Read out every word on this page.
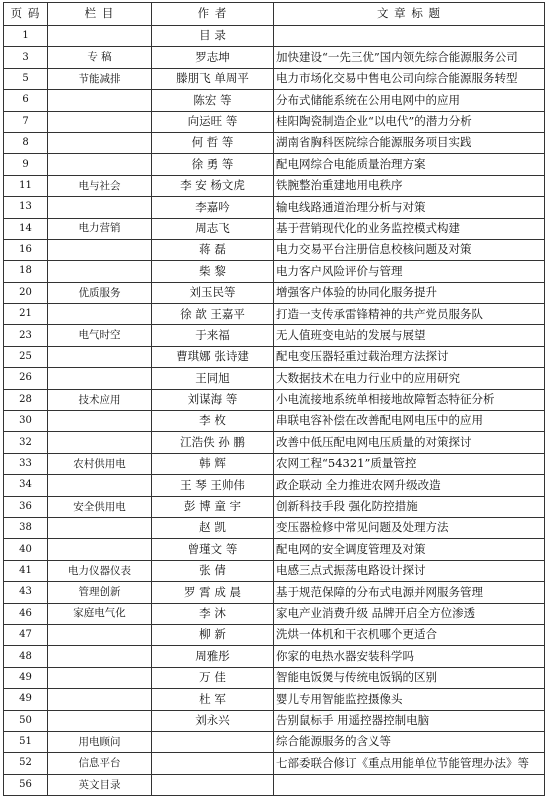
页 码	栏 目	作 者	文 章 标 题
1		目 录	
3	专 稿	罗志坤	加快建设“一先三优”国内领先综合能源服务公司
5	节能减排	滕朋飞 单周平	电力市场化交易中售电公司向综合能源服务转型
6		陈宏 等	分布式储能系统在公用电网中的应用
7		向运旺 等	桂阳陶瓷制造企业“以电代”的潜力分析
8		何 哲 等	湖南省胸科医院综合能源服务项目实践
9		徐 勇 等	配电网综合电能质量治理方案
11	电与社会	李 安 杨文虎	铁腕整治重建地用电秩序
13		李嘉吟	输电线路通道治理分析与对策
14	电力营销	周志飞	基于营销现代化的业务监控模式构建
16		蒋 磊	电力交易平台注册信息校核问题及对策
18		柴 黎	电力客户风险评价与管理
20	优质服务	刘玉民等	增强客户体验的协同化服务提升
21		徐 歆 王嘉平	打造一支传承雷锋精神的共产党员服务队
23	电气时空	于来福	无人值班变电站的发展与展望
25		曹琪娜 张诗建	配电变压器轻重过载治理方法探讨
26		王同旭	大数据技术在电力行业中的应用研究
28	技术应用	刘谋海 等	小电流接地系统单相接地故障暂态特征分析
30		李 枚	串联电容补偿在改善配电网电压中的应用
32		江浩佚 孙 鹏	改善中低压配电网电压质量的对策探讨
33	农村供用电	韩 辉	农网工程“54321”质量管控
34		王 琴 王帅伟	政企联动 全力推进农网升级改造
36	安全供用电	彭 博 童 宇	创新科技手段 强化防控措施
38		赵 凯	变压器检修中常见问题及处理方法
40		曾瑾文 等	配电网的安全调度管理及对策
41	电力仪器仪表	张 倩	电感三点式振荡电路设计探讨
43	管理创新	罗 霄 成 晨	基于规范保障的分布式电源并网服务管理
46	家庭电气化	李 沐	家电产业消费升级 品牌开启全方位渗透
47		柳 新	洗烘一体机和干衣机哪个更适合
48		周雅彤	你家的电热水器安装科学吗
49		万 佳	智能电饭煲与传统电饭锅的区别
49		杜 军	婴儿专用智能监控摄像头
50		刘永兴	告别鼠标手 用遥控器控制电脑
51	用电顾问		综合能源服务的含义等
52	信息平台		七部委联合修订《重点用能单位节能管理办法》等
56	英文目录		
